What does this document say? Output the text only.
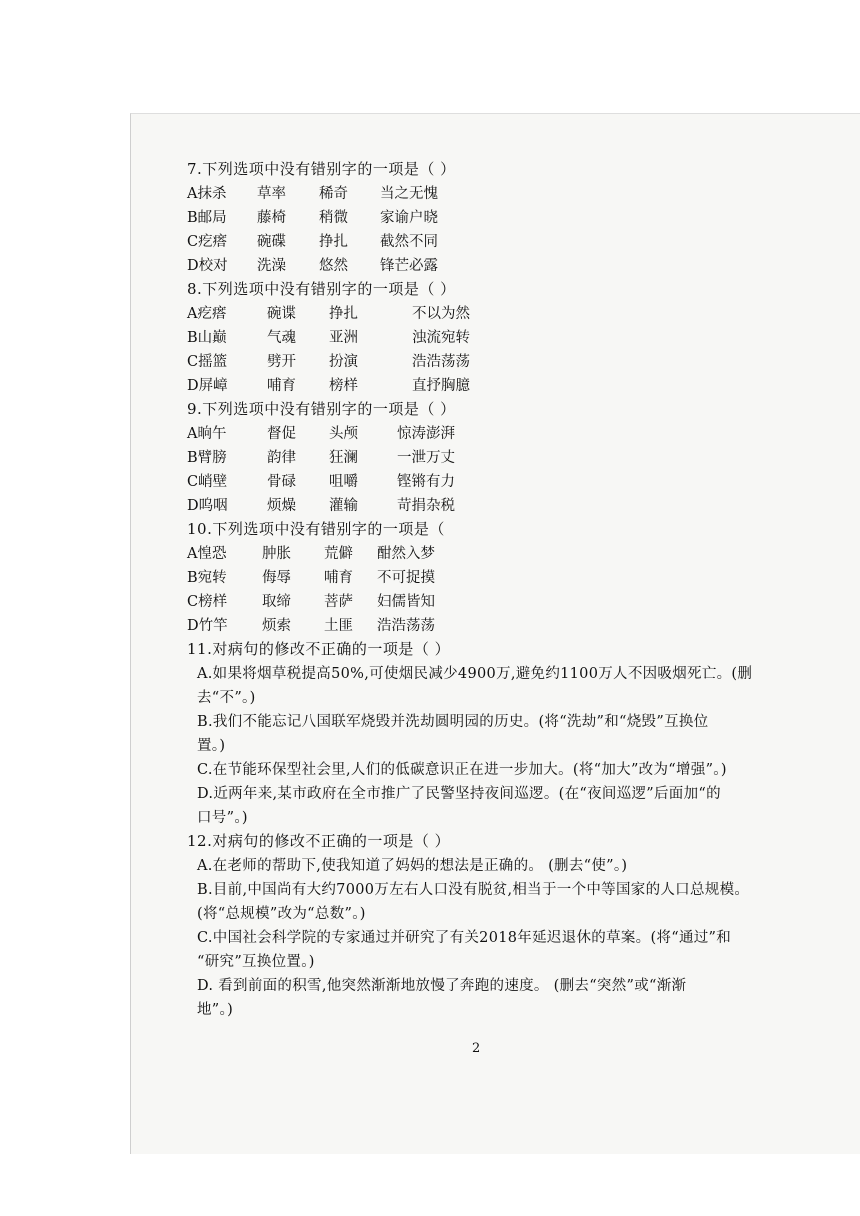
7.下列选项中没有错别字的一项是（ ）
A抹杀 草率 稀奇 当之无愧
B邮局 藤椅 稍微 家谕户晓
C疙瘩 碗碟 挣扎 截然不同
D校对 洗澡 悠然 锋芒必露
8.下列选项中没有错别字的一项是（ ）
A疙瘩	碗谍 挣扎	不以为然
B山巅	气魂 亚洲	浊流宛转
C摇篮	劈开 扮演	浩浩荡荡
D屏嶂	哺育 榜样	直抒胸臆
9.下列选项中没有错别字的一项是（ ）
A晌午	督促 头颅	惊涛澎湃
B臂膀	韵律 狂澜	一泄万丈
C峭壁	骨碌 咀嚼	铿锵有力
D呜咽	烦燥 灌输	苛捐杂税
10.下列选项中没有错别字的一项是（
A惶恐 肿胀 荒僻 酣然入梦
B宛转 侮辱 哺育 不可捉摸
C榜样 取缔 菩萨 妇儒皆知
D竹竿 烦索 土匪 浩浩荡荡
11.对病句的修改不正确的一项是（ ）
A.如果将烟草税提高50%,可使烟民减少4900万,避免约1100万人不因吸烟死亡。(删
去“不”。)
B.我们不能忘记八国联军烧毁并洗劫圆明园的历史。(将“洗劫”和“烧毁”互换位
置。)
C.在节能环保型社会里,人们的低碳意识正在进一步加大。(将“加大”改为“增强”。)
D.近两年来,某市政府在全市推广了民警坚持夜间巡逻。(在“夜间巡逻”后面加“的
口号”。)
12.对病句的修改不正确的一项是（ ）
A.在老师的帮助下,使我知道了妈妈的想法是正确的。 (删去“使”。)
B.目前,中国尚有大约7000万左右人口没有脱贫,相当于一个中等国家的人口总规模。
(将“总规模”改为“总数”。)
C.中国社会科学院的专家通过并研究了有关2018年延迟退休的草案。(将“通过”和
“研究”互换位置。)
D. 看到前面的积雪,他突然渐渐地放慢了奔跑的速度。 (删去“突然”或“渐渐
地”。)
2
